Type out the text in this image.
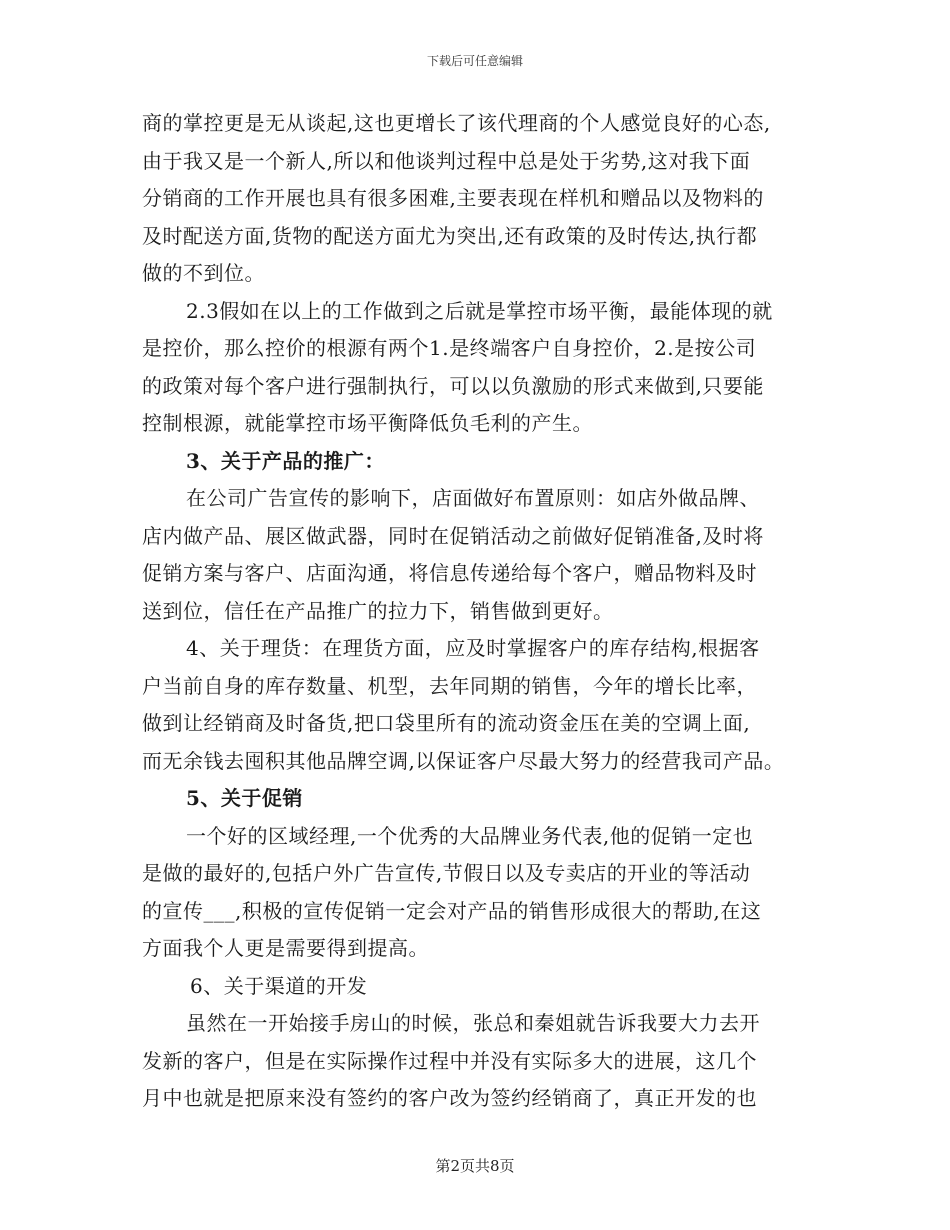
下载后可任意编辑
商的掌控更是无从谈起,这也更增长了该代理商的个人感觉良好的心态,
由于我又是一个新人,所以和他谈判过程中总是处于劣势,这对我下面
分销商的工作开展也具有很多困难,主要表现在样机和赠品以及物料的
及时配送方面,货物的配送方面尤为突出,还有政策的及时传达,执行都
做的不到位。
2.3假如在以上的工作做到之后就是掌控市场平衡，最能体现的就
是控价，那么控价的根源有两个1.是终端客户自身控价，2.是按公司
的政策对每个客户进行强制执行，可以以负激励的形式来做到,只要能
控制根源，就能掌控市场平衡降低负毛利的产生。
3、关于产品的推广：
在公司广告宣传的影响下，店面做好布置原则：如店外做品牌、
店内做产品、展区做武器，同时在促销活动之前做好促销准备,及时将
促销方案与客户、店面沟通，将信息传递给每个客户，赠品物料及时
送到位，信任在产品推广的拉力下，销售做到更好。
4、关于理货：在理货方面，应及时掌握客户的库存结构,根据客
户当前自身的库存数量、机型，去年同期的销售，今年的增长比率，
做到让经销商及时备货,把口袋里所有的流动资金压在美的空调上面,
而无余钱去囤积其他品牌空调,以保证客户尽最大努力的经营我司产品。
5、关于促销
一个好的区域经理,一个优秀的大品牌业务代表,他的促销一定也
是做的最好的,包括户外广告宣传,节假日以及专卖店的开业的等活动
的宣传___,积极的宣传促销一定会对产品的销售形成很大的帮助,在这
方面我个人更是需要得到提高。
6、关于渠道的开发
虽然在一开始接手房山的时候，张总和秦姐就告诉我要大力去开
发新的客户，但是在实际操作过程中并没有实际多大的进展，这几个
月中也就是把原来没有签约的客户改为签约经销商了，真正开发的也
第2页共8页
